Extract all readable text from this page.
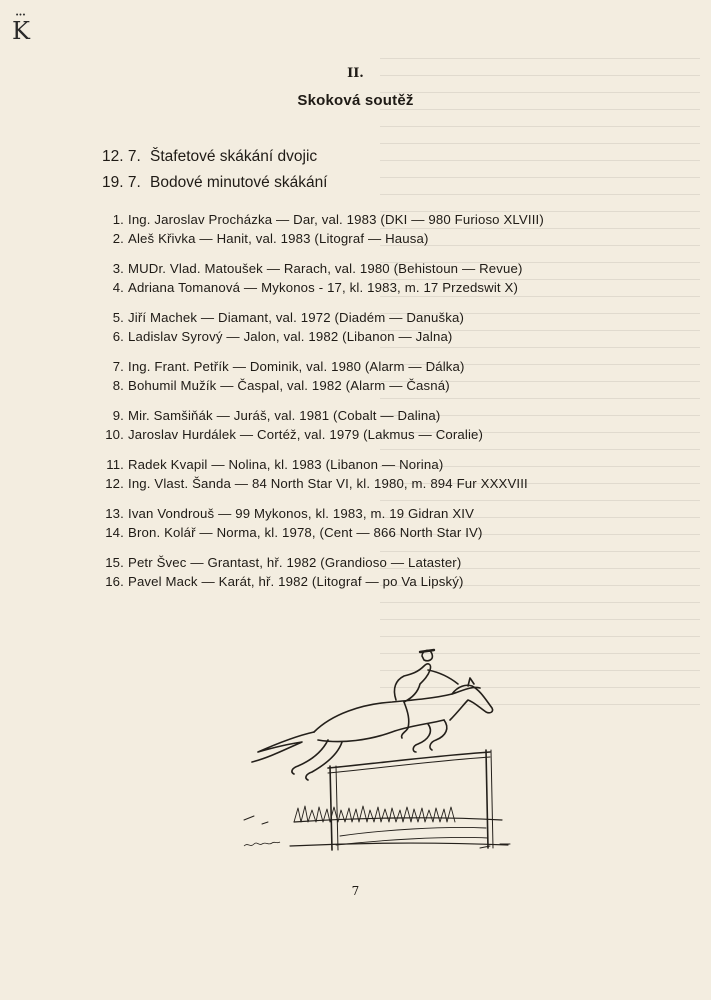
•••
K
II.
Skoková soutěž
12. 7. Štafetové skákání dvojic
19. 7. Bodové minutové skákání
1. Ing. Jaroslav Procházka — Dar, val. 1983 (DKI — 980 Furioso XLVIII)
2. Aleš Křivka — Hanit, val. 1983 (Litograf — Hausa)
3. MUDr. Vlad. Matoušek — Rarach, val. 1980 (Behistoun — Revue)
4. Adriana Tomanová — Mykonos - 17, kl. 1983, m. 17 Przedswit X)
5. Jiří Machek — Diamant, val. 1972 (Diadém — Danuška)
6. Ladislav Syrový — Jalon, val. 1982 (Libanon — Jalna)
7. Ing. Frant. Petřík — Dominik, val. 1980 (Alarm — Dálka)
8. Bohumil Mužík — Časpal, val. 1982 (Alarm — Časná)
9. Mir. Samšiňák — Juráš, val. 1981 (Cobalt — Dalina)
10. Jaroslav Hurdálek — Cortéž, val. 1979 (Lakmus — Coralie)
11. Radek Kvapil — Nolina, kl. 1983 (Libanon — Norina)
12. Ing. Vlast. Šanda — 84 North Star VI, kl. 1980, m. 894 Fur XXXVIII
13. Ivan Vondrouš — 99 Mykonos, kl. 1983, m. 19 Gidran XIV
14. Bron. Kolář — Norma, kl. 1978, (Cent — 866 North Star IV)
15. Petr Švec — Grantast, hř. 1982 (Grandioso — Lataster)
16. Pavel Mack — Karát, hř. 1982 (Litograf — po Va Lipský)
7
